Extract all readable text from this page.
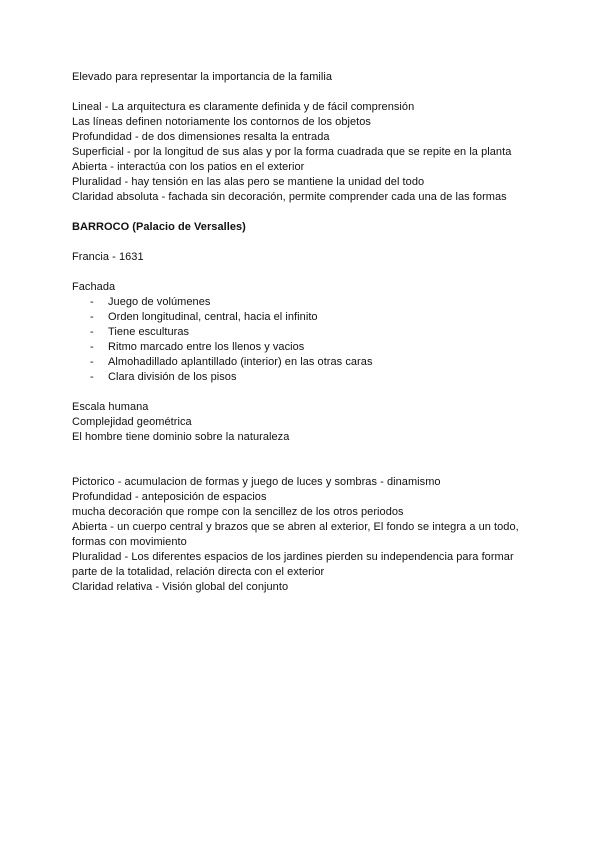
Elevado para representar la importancia de la familia

Lineal - La arquitectura es claramente definida y de fácil comprensión

Las líneas definen notoriamente los contornos de los objetos

Profundidad - de dos dimensiones resalta la entrada

Superficial - por la longitud de sus alas y por la forma cuadrada que se repite en la planta

Abierta - interactúa con los patios en el exterior

Pluralidad - hay tensión en las alas pero se mantiene la unidad del todo

Claridad absoluta - fachada sin decoración, permite comprender cada una de las formas

BARROCO (Palacio de Versalles)

Francia - 1631

Fachada

- Juego de volúmenes
- Orden longitudinal, central, hacia el infinito
- Tiene esculturas
- Ritmo marcado entre los llenos y vacios
- Almohadillado aplantillado (interior) en las otras caras
- Clara división de los pisos

Escala humana

Complejidad geométrica

El hombre tiene dominio sobre la naturaleza

Pictorico - acumulacion de formas y juego de luces y sombras - dinamismo

Profundidad - anteposición de espacios

mucha decoración que rompe con la sencillez de los otros periodos

Abierta - un cuerpo central y brazos que se abren al exterior, El fondo se integra a un todo,

formas con movimiento

Pluralidad - Los diferentes espacios de los jardines pierden su independencia para formar

parte de la totalidad, relación directa con el exterior

Claridad relativa - Visión global del conjunto
